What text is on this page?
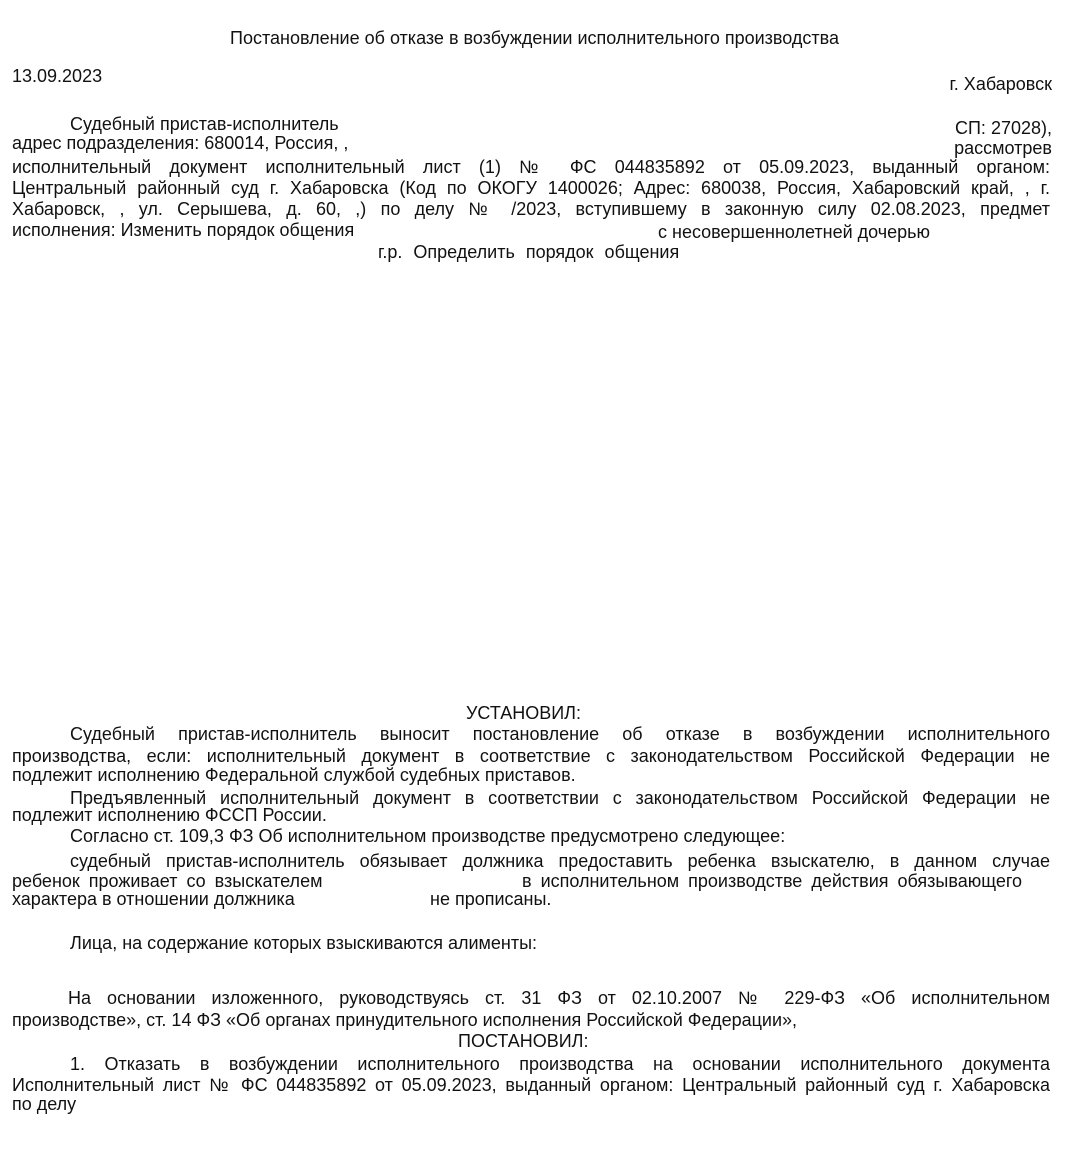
Постановление об отказе в возбуждении исполнительного производства
13.09.2023	г. Хабаровск
Судебный пристав-исполнитель	СП: 27028),
адрес подразделения: 680014, Россия, ,	рассмотрев
исполнительный документ исполнительный лист (1) № ФС 044835892 от 05.09.2023, выданный органом:
Центральный районный суд г. Хабаровска (Код по ОКОГУ 1400026; Адрес: 680038, Россия, Хабаровский край, , г.
Хабаровск, , ул. Серышева, д. 60, ,) по делу № /2023, вступившему в законную силу 02.08.2023, предмет
исполнения: Изменить порядок общения	с несовершеннолетней дочерью
г.р. Определить порядок общения
УСТАНОВИЛ:
Судебный пристав-исполнитель выносит постановление об отказе в возбуждении исполнительного
производства, если: исполнительный документ в соответствие с законодательством Российской Федерации не
подлежит исполнению Федеральной службой судебных приставов.
Предъявленный исполнительный документ в соответствии с законодательством Российской Федерации не
подлежит исполнению ФССП России.
Согласно ст. 109,3 ФЗ Об исполнительном производстве предусмотрено следующее:
судебный пристав-исполнитель обязывает должника предоставить ребенка взыскателю, в данном случае
ребенок проживает со взыскателем	в исполнительном производстве действия обязывающего
характера в отношении должника	не прописаны.
Лица, на содержание которых взыскиваются алименты:
На основании изложенного, руководствуясь ст. 31 ФЗ от 02.10.2007 № 229-ФЗ «Об исполнительном
производстве», ст. 14 ФЗ «Об органах принудительного исполнения Российской Федерации»,
ПОСТАНОВИЛ:
1. Отказать в возбуждении исполнительного производства на основании исполнительного документа
Исполнительный лист № ФС 044835892 от 05.09.2023, выданный органом: Центральный районный суд г. Хабаровска
по делу
